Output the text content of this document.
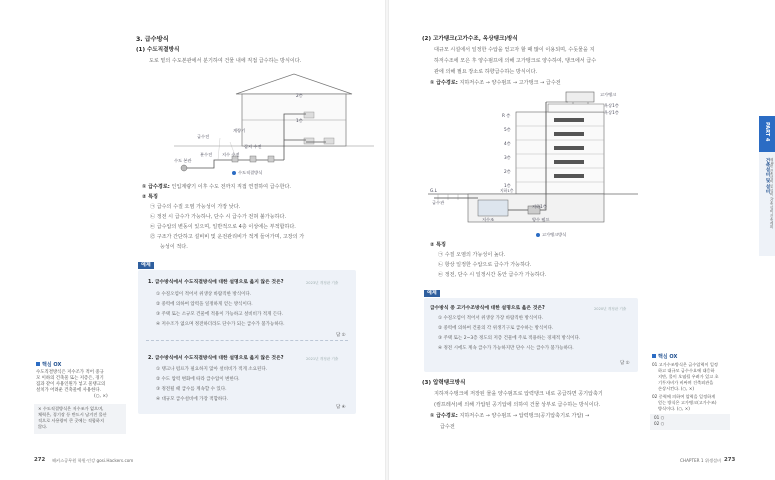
3. 급수방식
(1) 수도직결방식
도로 밑의 수도본관에서 분기하여 건물 내에 직접 급수하는 방식이다.
2층
1층
급수전
계량기
수도 본관
분수전 지수 수전
갑지 수전
수도직결방식
① 급수경로: 인입계량기 이후 수도 전까지 직접 연결하여 급수한다.
② 특징
㉠ 급수의 수질 오염 가능성이 가장 낮다.
㉡ 정전 시 급수가 가능하나, 단수 시 급수가 전혀 불가능하다.
㉢ 급수압의 변동이 있으며, 일반적으로 4층 이상에는 부적합하다.
㉣ 구조가 간단하고 설비비 및 운전관리비가 적게 들어가며, 고장의 가
능성이 적다.
예제
1. 급수방식에서 수도직결방식에 대한 설명으로 옳지 않은 것은?	2023년 개정판 기출
① 수질오염이 적어서 위생상 바람직한 방식이다.
② 중력에 의하여 압력을 일정하게 얻는 방식이다.
③ 주택 또는 소규모 건물에 적용이 가능하고 설비비가 적게 든다.
④ 저수조가 없으며 정전하더라도 단수가 되는 급수가 불가능하다.
답 ②
2. 급수방식에서 수도직결방식에 대한 설명으로 옳지 않은 것은?	2021년 개정판 기출
① 탱크나 펌프가 필요하지 않아 설비비가 적게 소요된다.
② 수도 압력 변화에 따라 급수압이 변한다.
③ 정전될 때 급수를 계속할 수 있다.
④ 대규모 급수설비에 가장 적합하다.
답 ④
핵심 OX
수도직결방식은 저수조가 적어 중규
모 이하의 건축물 또는 저층은, 경기
집과 같이 사용인원가 넣고 물탱크의
설치가 어려운 건축물에 사용한다.
(○, ×)
× 수도직결방식은 저수조가 없으며,
체력은, 경기장 등 반드시 남겨진 물산
적으로 사용량이 큰 곳에는 적합하지
않다.
272 해커스공무원 학원·인강 gosi.Hackers.com
(2) 고가탱크(고가수조, 옥상탱크)방식
대규모 시설에서 일정한 수압을 얻고자 할 때 많이 이용되며, 수돗물을 지
하저수조에 모은 후 양수펌프에 의해 고가탱크로 양수하여, 탱크에서 급수
관에 의해 필요 장소로 하향급수하는 방식이다.
① 급수경로: 지하저수조 → 양수펌프 → 고가탱크 → 급수전
고가탱크
옥상1층
옥상1층
R 층
5층
4층
3층
2층
1층
지하1층
G.L
급수관
저수조	양수 펌프
지하1층
고가탱크방식
② 특징
㉠ 수질 오염의 가능성이 높다.
㉡ 항상 일정한 수압으로 급수가 가능하다.
㉢ 정전, 단수 시 일정시간 동안 급수가 가능하다.
예제
급수방식 중 고가수조방식에 대한 설명으로 옳은 것은?	2020년 개정판 기출
① 수질오염이 적어서 위생상 가장 바람직한 방식이다.
② 중력에 의하여 건물의 각 위생기구로 급수하는 방식이다.
③ 주택 또는 2~3층 정도의 저층 건물에 주로 적용하는 경제적 방식이다.
④ 정전 시에도 계속 급수가 가능하지만 단수 시는 급수가 불가능하다.
답 ②
(3) 압력탱크방식
지하저수탱크에 저장된 물을 양수펌프로 압력탱크 내로 공급하면 공기압축기
(컴프레서)에 의해 가압된 공기압에 의하여 건물 상부로 급수하는 방식이다.
① 급수경로: 지하저수조 → 양수펌프 → 압력탱크(공기압축기로 가압) →
급수전
핵심 OX
01 고가수조방식은 급수압력이 일정
하고 대규모 급수수요에 대응하
지만, 물이 오염될 우려가 있고 초
기투자비가 비싸며 건축외관을
손상시킨다. (○, ×)
02 중력에 의하여 압력을 일정하게
얻는 방식은 고가탱크(고가수조)
방식이다. (○, ×)
01 ○
02 ○
CHAPTER 1 위생설비 273
PART 4
건축설비 및 설비 제4편 건축설비 및 설비 /건축설비·건축계획
